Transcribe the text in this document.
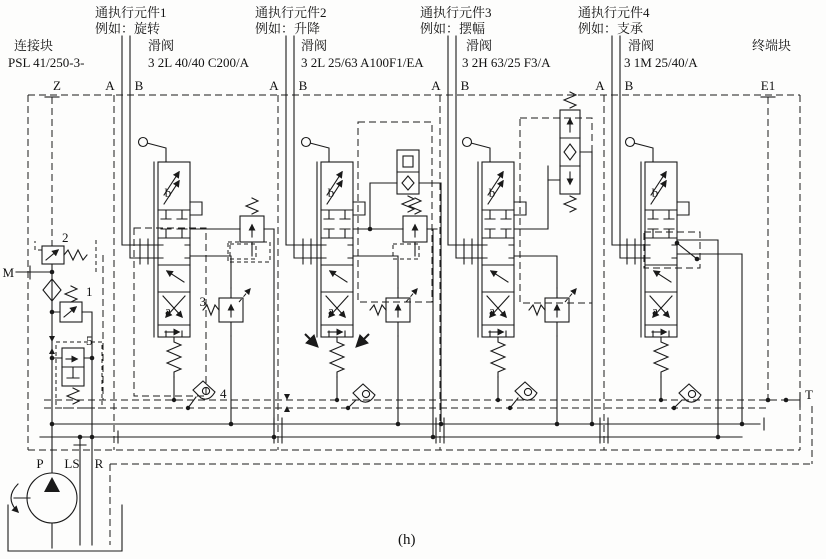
通执行元件1
例如：旋转
通执行元件2
例如：升降
通执行元件3
例如：摆幅
通执行元件4
例如：支承
连接块
PSL 41/250-3-
滑阀
3 2L 40/40 C200/A
滑阀
3 2L 25/63 A100F1/EA
滑阀
3 2H 63/25 F3/A
滑阀
3 1M 25/40/A
终端块
Z	A B	A B	A B	A B	E1
M
P LS R
T
b
a
b
a
b
a
b
a
3
4
2
1
5
(h)
